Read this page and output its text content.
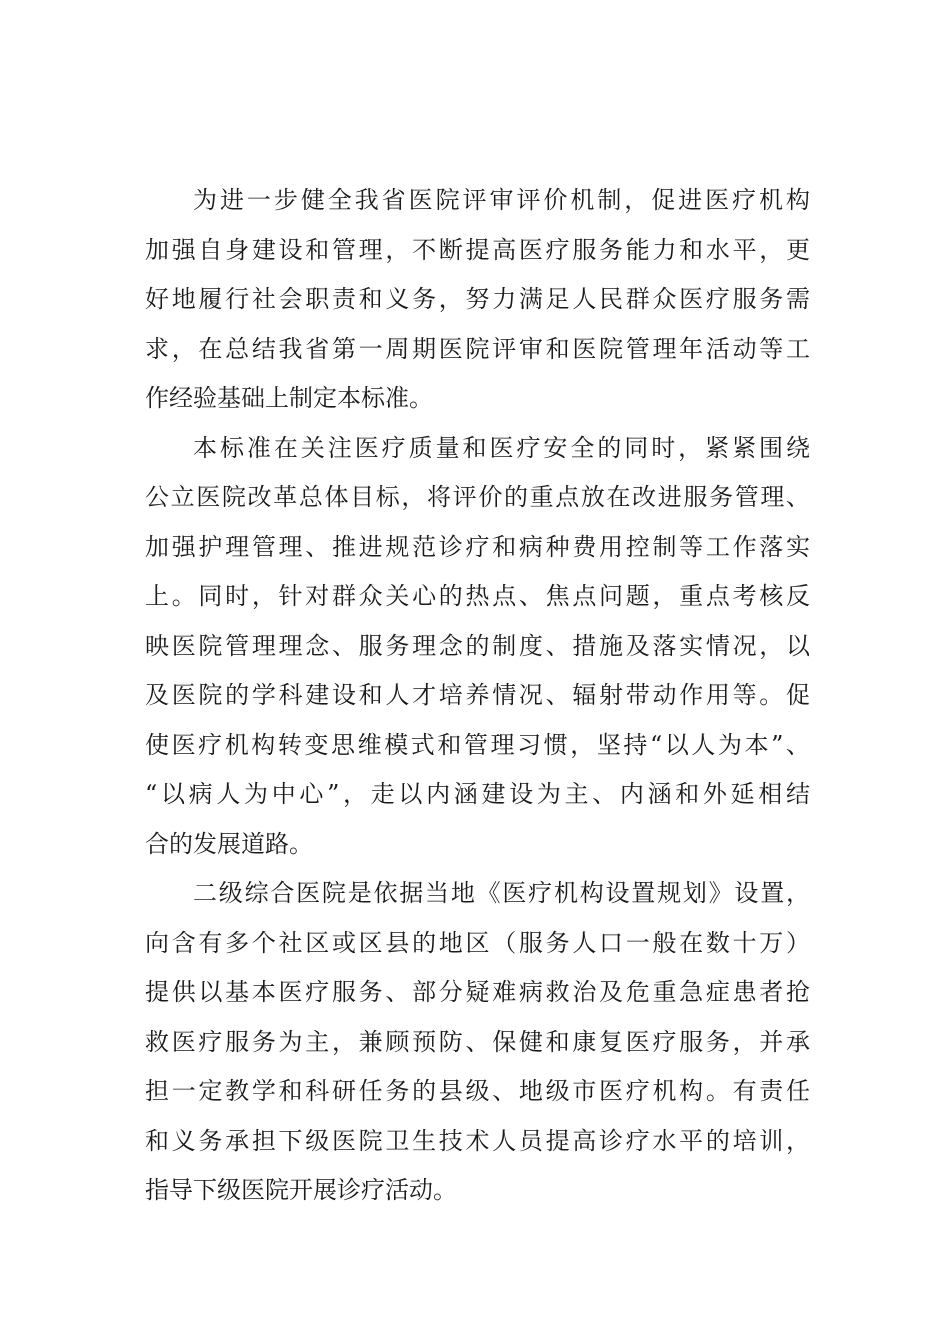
为进一步健全我省医院评审评价机制，促进医疗机构
加强自身建设和管理，不断提高医疗服务能力和水平，更
好地履行社会职责和义务，努力满足人民群众医疗服务需
求，在总结我省第一周期医院评审和医院管理年活动等工
作经验基础上制定本标准。
本标准在关注医疗质量和医疗安全的同时，紧紧围绕
公立医院改革总体目标，将评价的重点放在改进服务管理、
加强护理管理、推进规范诊疗和病种费用控制等工作落实
上。同时，针对群众关心的热点、焦点问题，重点考核反
映医院管理理念、服务理念的制度、措施及落实情况，以
及医院的学科建设和人才培养情况、辐射带动作用等。促
使医疗机构转变思维模式和管理习惯，坚持“以人为本”、
“以病人为中心”，走以内涵建设为主、内涵和外延相结
合的发展道路。
二级综合医院是依据当地《医疗机构设置规划》设置，
向含有多个社区或区县的地区（服务人口一般在数十万）
提供以基本医疗服务、部分疑难病救治及危重急症患者抢
救医疗服务为主，兼顾预防、保健和康复医疗服务，并承
担一定教学和科研任务的县级、地级市医疗机构。有责任
和义务承担下级医院卫生技术人员提高诊疗水平的培训，
指导下级医院开展诊疗活动。
